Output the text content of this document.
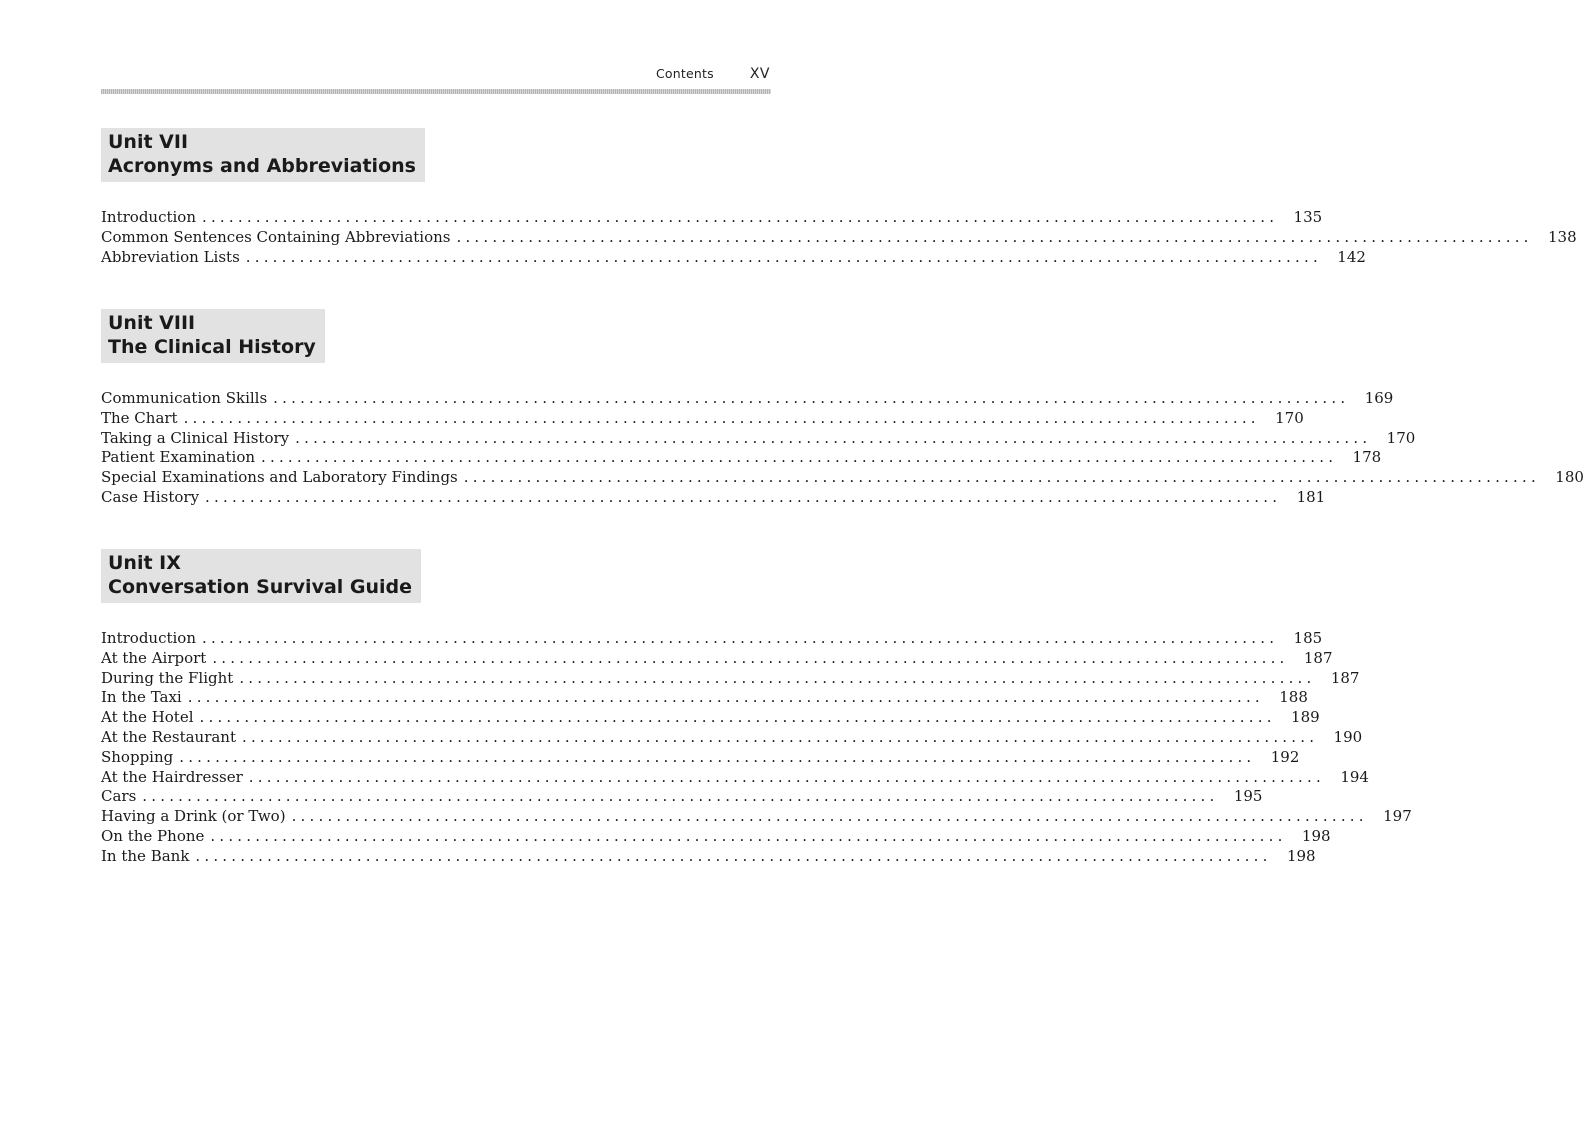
Contents	XV
Unit VII
Acronyms and Abbreviations
Introduction ........................................................................................................................ 135
Common Sentences Containing Abbreviations ........................................................................................................................ 138
Abbreviation Lists ........................................................................................................................ 142
Unit VIII
The Clinical History
Communication Skills ........................................................................................................................ 169
The Chart ........................................................................................................................ 170
Taking a Clinical History ........................................................................................................................ 170
Patient Examination ........................................................................................................................ 178
Special Examinations and Laboratory Findings ........................................................................................................................ 180
Case History ........................................................................................................................ 181
Unit IX
Conversation Survival Guide
Introduction ........................................................................................................................ 185
At the Airport ........................................................................................................................ 187
During the Flight ........................................................................................................................ 187
In the Taxi ........................................................................................................................ 188
At the Hotel ........................................................................................................................ 189
At the Restaurant ........................................................................................................................ 190
Shopping ........................................................................................................................ 192
At the Hairdresser ........................................................................................................................ 194
Cars ........................................................................................................................ 195
Having a Drink (or Two) ........................................................................................................................ 197
On the Phone ........................................................................................................................ 198
In the Bank ........................................................................................................................ 198
